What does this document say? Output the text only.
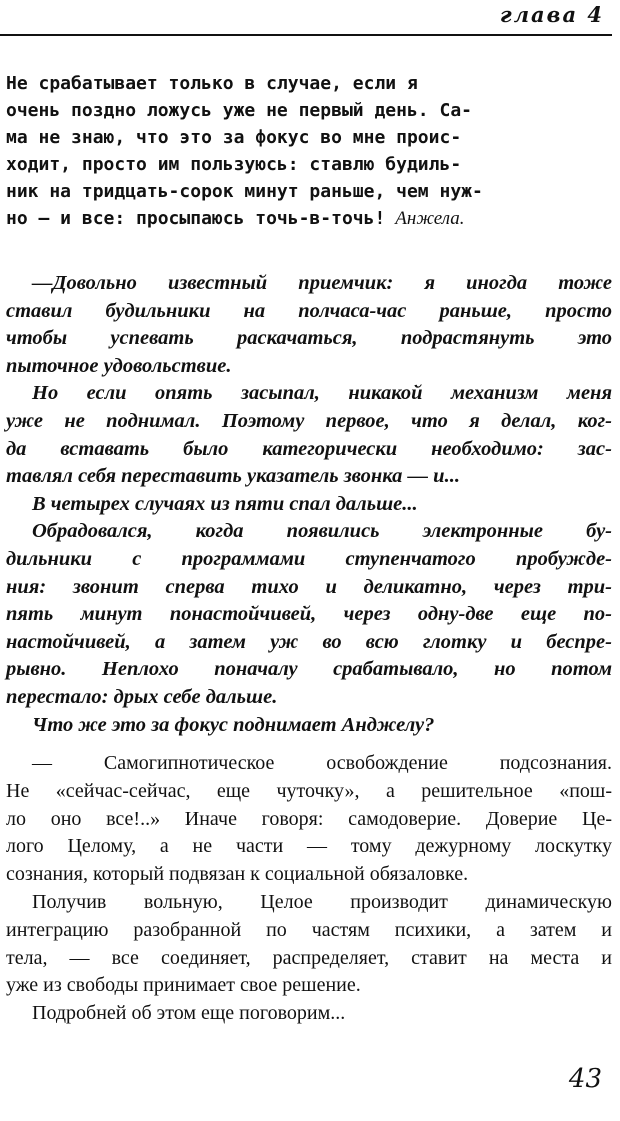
глава 4
Не срабатывает только в случае, если я
очень поздно ложусь уже не первый день. Са-
ма не знаю, что это за фокус во мне проис-
ходит, просто им пользуюсь: ставлю будиль-
ник на тридцать-сорок минут раньше, чем нуж-
но — и все: просыпаюсь точь-в-точь! Анжела.
—Довольно известный приемчик: я иногда тоже
ставил будильники на полчаса-час раньше, просто
чтобы успевать раскачаться, подрастянуть это
пыточное удовольствие.
Но если опять засыпал, никакой механизм меня
уже не поднимал. Поэтому первое, что я делал, ког-
да вставать было категорически необходимо: зас-
тавлял себя переставить указатель звонка — и...
В четырех случаях из пяти спал дальше...
Обрадовался, когда появились электронные бу-
дильники с программами ступенчатого пробужде-
ния: звонит сперва тихо и деликатно, через три-
пять минут понастойчивей, через одну-две еще по-
настойчивей, а затем уж во всю глотку и беспре-
рывно. Неплохо поначалу срабатывало, но потом
перестало: дрых себе дальше.
Что же это за фокус поднимает Анджелу?
— Самогипнотическое освобождение подсознания.
Не «сейчас-сейчас, еще чуточку», а решительное «пош-
ло оно все!..» Иначе говоря: самодоверие. Доверие Це-
лого Целому, а не части — тому дежурному лоскутку
сознания, который подвязан к социальной обязаловке.
Получив вольную, Целое производит динамическую
интеграцию разобранной по частям психики, а затем и
тела, — все соединяет, распределяет, ставит на места и
уже из свободы принимает свое решение.
Подробней об этом еще поговорим...
43
